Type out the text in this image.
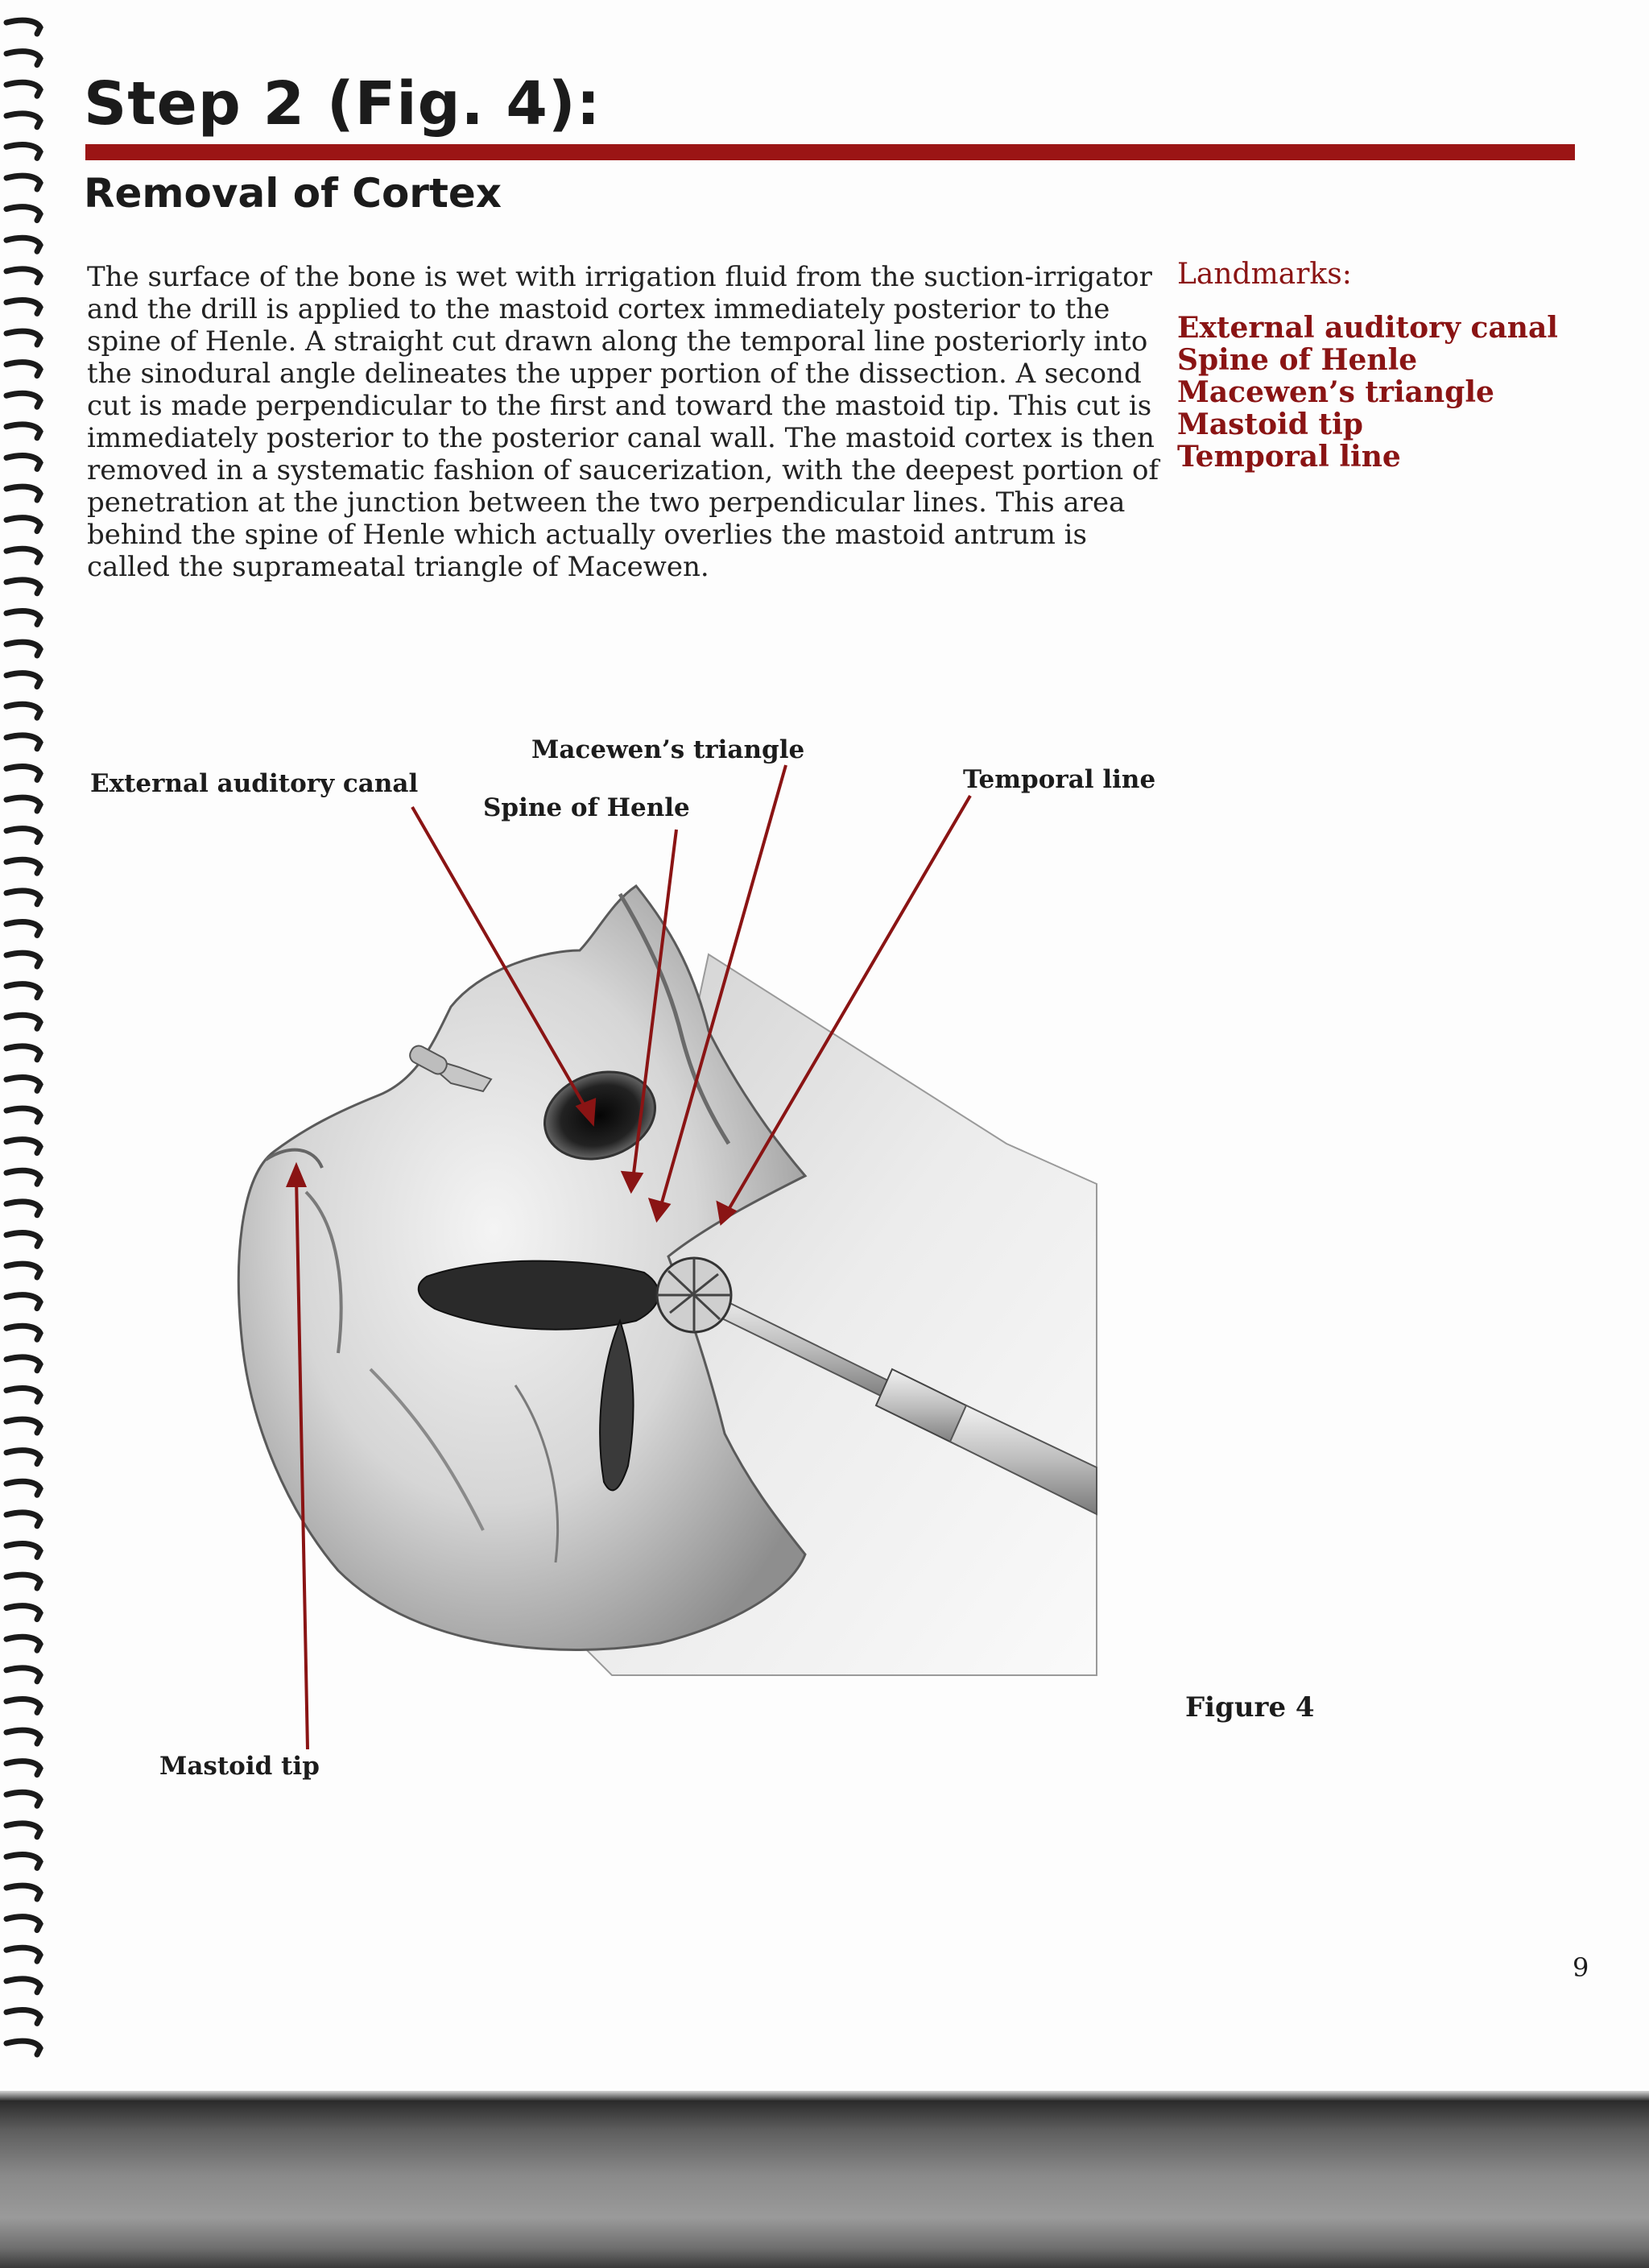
Step 2 (Fig. 4):
Removal of Cortex

The surface of the bone is wet with irrigation fluid from the suction-irrigator and the drill is applied to the mastoid cortex immediately posterior to the spine of Henle. A straight cut drawn along the temporal line posteriorly into the sinodural angle delineates the upper portion of the dissection. A second cut is made perpendicular to the first and toward the mastoid tip. This cut is immediately posterior to the posterior canal wall. The mastoid cortex is then removed in a systematic fashion of saucerization, with the deepest portion of penetration at the junction between the two perpendicular lines. This area behind the spine of Henle which actually overlies the mastoid antrum is called the suprameatal triangle of Macewen.

Landmarks:
External auditory canal
Spine of Henle
Macewen’s triangle
Mastoid tip
Temporal line
External auditory canal
Macewen’s triangle
Spine of Henle
Temporal line
Mastoid tip
Figure 4
9
